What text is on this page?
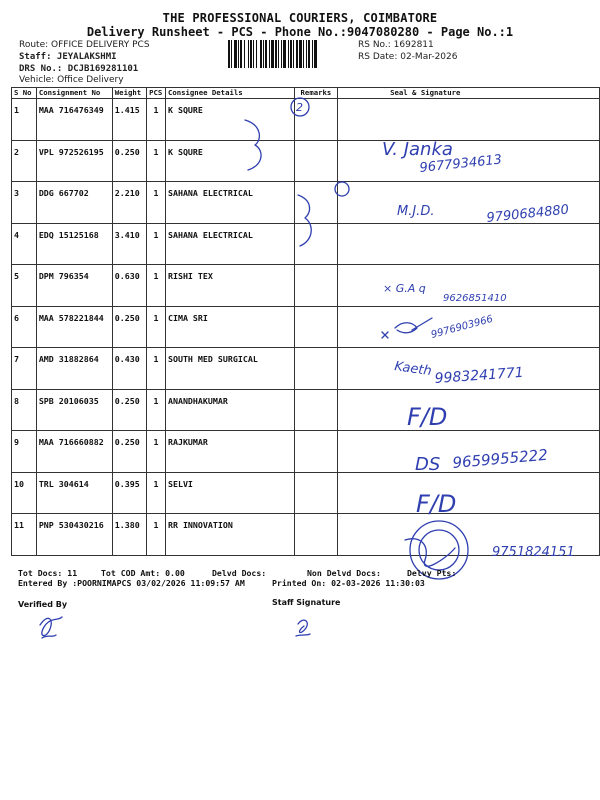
THE PROFESSIONAL COURIERS, COIMBATORE
Delivery Runsheet - PCS - Phone No.:9047080280 - Page No.:1
Route: OFFICE DELIVERY PCS
Staff: JEYALAKSHMI
DRS No.: DCJB169281101
Vehicle: Office Delivery
RS No.: 1692811
RS Date: 02-Mar-2026
S No	Consignment No	Weight	PCS	Consignee Details	Remarks	Seal & Signature
1	MAA 716476349	1.415	1	K SQURE		
2	VPL 972526195	0.250	1	K SQURE		
3	DDG 667702	2.210	1	SAHANA ELECTRICAL		
4	EDQ 15125168	3.410	1	SAHANA ELECTRICAL		
5	DPM 796354	0.630	1	RISHI TEX		
6	MAA 578221844	0.250	1	CIMA SRI		
7	AMD 31882864	0.430	1	SOUTH MED SURGICAL		
8	SPB 20106035	0.250	1	ANANDHAKUMAR		
9	MAA 716660882	0.250	1	RAJKUMAR		
10	TRL 304614	0.395	1	SELVI		
11	PNP 530430216	1.380	1	RR INNOVATION		
2
V. Janka
9677934613
M.J.D.	9790684880
× G.A q
9626851410
9976903966
Kaeth 9983241771
F/D
DS 9659955222
F/D
9751824151
Tot Docs: 11	Tot COD Amt: 0.00	Delvd Docs:	Non Delvd Docs:	Delvy Pts:
Entered By :POORNIMAPCS 03/02/2026 11:09:57 AM	Printed On: 02-03-2026 11:30:03
Verified By	Staff Signature
